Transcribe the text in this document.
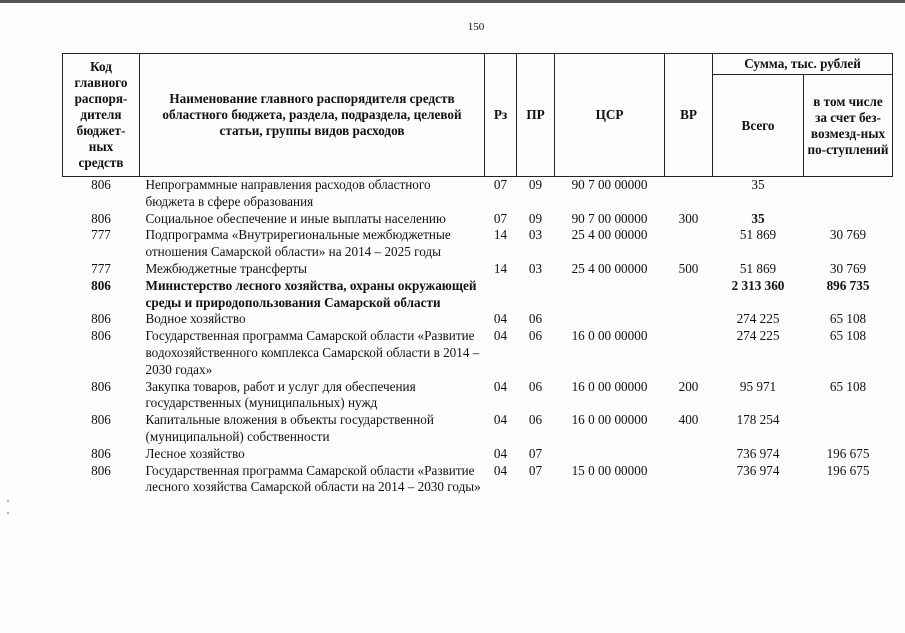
150
Код главного распоря-дителя бюджет-ных средств	Наименование главного распорядителя средств областного бюджета, раздела, подраздела, целевой статьи, группы видов расходов	Рз	ПР	ЦСР	ВР	Сумма, тыс. рублей	
						Всего	в том числе за счет без-возмезд-ных по-ступлений
806	Непрограммные направления расходов областного бюджета в сфере образования	07	09	90 7 00 00000		35	
806	Социальное обеспечение и иные выплаты населению	07	09	90 7 00 00000	300	35	
777	Подпрограмма «Внутрирегиональные межбюджетные отношения Самарской области» на 2014 – 2025 годы	14	03	25 4 00 00000		51 869	30 769
777	Межбюджетные трансферты	14	03	25 4 00 00000	500	51 869	30 769
806	Министерство лесного хозяйства, охраны окружающей среды и природопользования Самарской области					2 313 360	896 735
806	Водное хозяйство	04	06			274 225	65 108
806	Государственная программа Самарской области «Развитие водохозяйственного комплекса Самарской области в 2014 – 2030 годах»	04	06	16 0 00 00000		274 225	65 108
806	Закупка товаров, работ и услуг для обеспечения государственных (муниципальных) нужд	04	06	16 0 00 00000	200	95 971	65 108
806	Капитальные вложения в объекты государственной (муниципальной) собственности	04	06	16 0 00 00000	400	178 254	
806	Лесное хозяйство	04	07			736 974	196 675
806	Государственная программа Самарской области «Развитие лесного хозяйства Самарской области на 2014 – 2030 годы»	04	07	15 0 00 00000		736 974	196 675
